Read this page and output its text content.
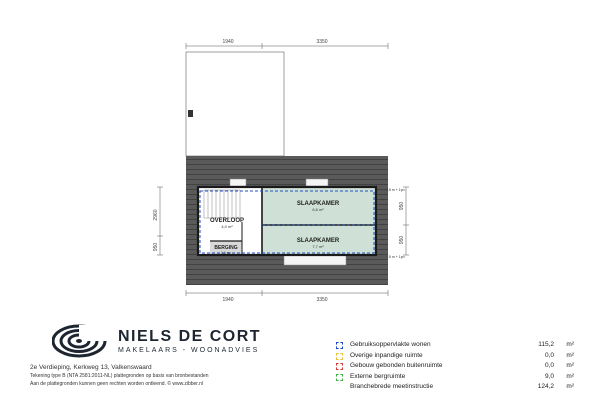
1940	3350
SLAAPKAMER
6,6 m²
SLAAPKAMER
7,7 m²
OVERLOOP
4,0 m²
BERGING
1,1 m²
2960
950
950
950
1,5 m + 1pn
1,5 m + 1pn
1940	3350
NIELS DE CORT
MAKELAARS - WOONADVIES
2e Verdieping, Kerkweg 13, Valkenswaard
Tekening type B (NTA 2581:2011-NL) plattegronden op basis van bronbestanden
Aan de plattegronden kunnen geen rechten worden ontleend. © www.zibber.nl
Gebruiksoppervlakte wonen	115,2 m²
Overige inpandige ruimte	0,0 m²
Gebouw gebonden buitenruimte	0,0 m²
Externe bergruimte	9,0 m²
Branchebrede meetinstructie	124,2 m²
